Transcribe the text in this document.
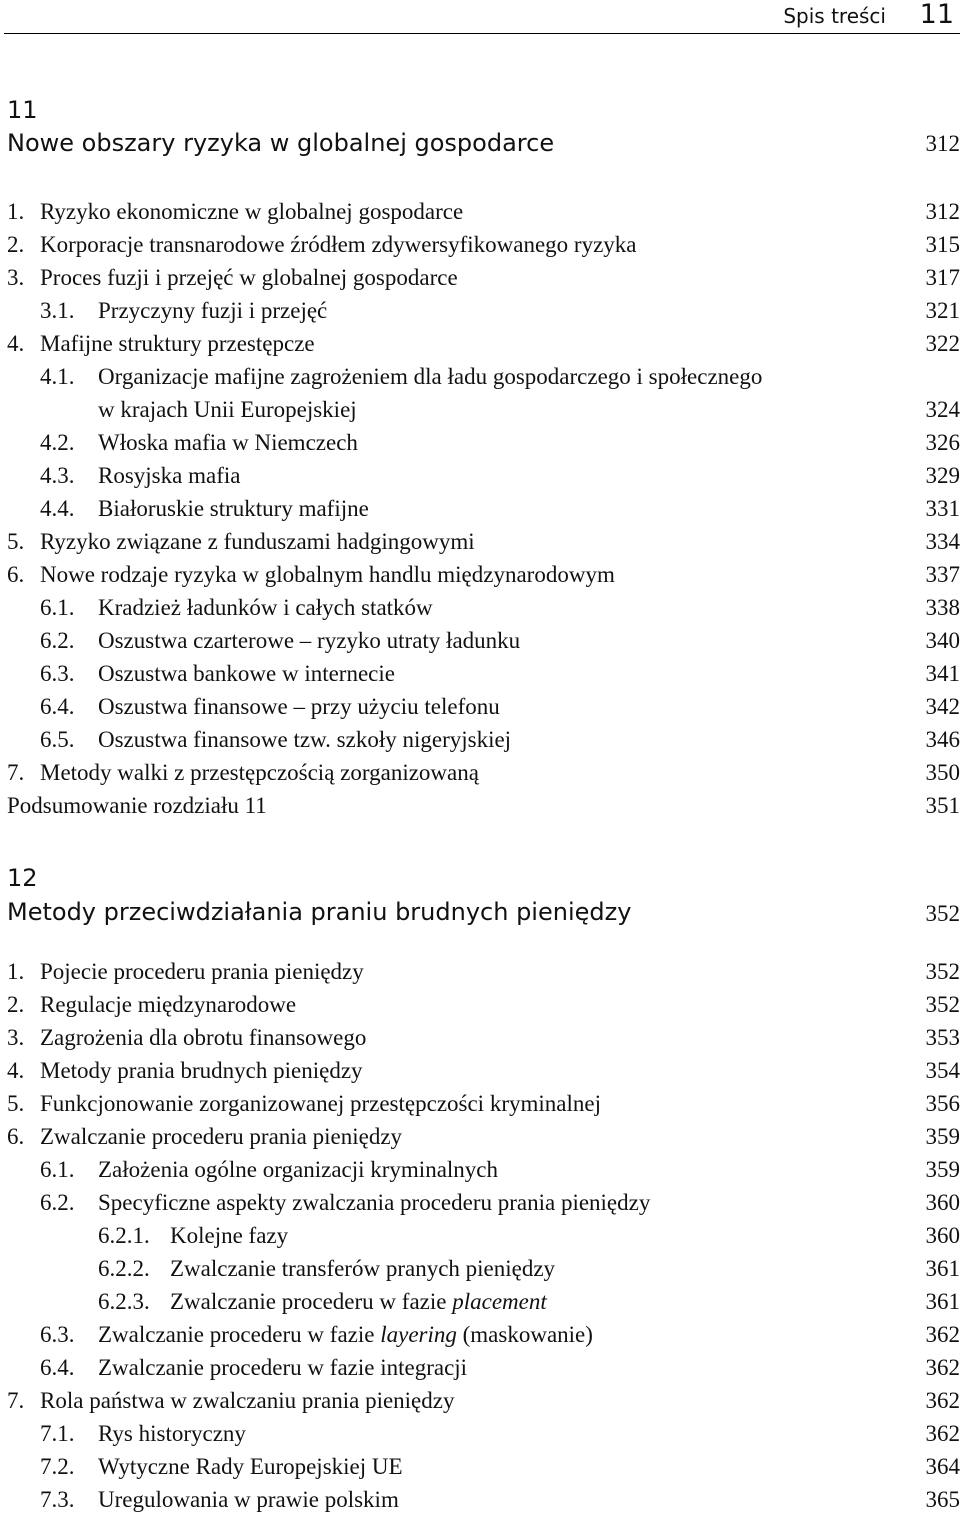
Spis treści 11
11
Nowe obszary ryzyka w globalnej gospodarce	312
1. Ryzyko ekonomiczne w globalnej gospodarce	312
2. Korporacje transnarodowe źródłem zdywersyfikowanego ryzyka	315
3. Proces fuzji i przejęć w globalnej gospodarce	317
3.1. Przyczyny fuzji i przejęć	321
4. Mafijne struktury przestępcze	322
4.1. Organizacje mafijne zagrożeniem dla ładu gospodarczego i społecznego
w krajach Unii Europejskiej	324
4.2. Włoska mafia w Niemczech	326
4.3. Rosyjska mafia	329
4.4. Białoruskie struktury mafijne	331
5. Ryzyko związane z funduszami hadgingowymi	334
6. Nowe rodzaje ryzyka w globalnym handlu międzynarodowym	337
6.1. Kradzież ładunków i całych statków	338
6.2. Oszustwa czarterowe – ryzyko utraty ładunku	340
6.3. Oszustwa bankowe w internecie	341
6.4. Oszustwa finansowe – przy użyciu telefonu	342
6.5. Oszustwa finansowe tzw. szkoły nigeryjskiej	346
7. Metody walki z przestępczością zorganizowaną	350
Podsumowanie rozdziału 11	351
12
Metody przeciwdziałania praniu brudnych pieniędzy	352
1. Pojecie procederu prania pieniędzy	352
2. Regulacje międzynarodowe	352
3. Zagrożenia dla obrotu finansowego	353
4. Metody prania brudnych pieniędzy	354
5. Funkcjonowanie zorganizowanej przestępczości kryminalnej	356
6. Zwalczanie procederu prania pieniędzy	359
6.1. Założenia ogólne organizacji kryminalnych	359
6.2. Specyficzne aspekty zwalczania procederu prania pieniędzy	360
6.2.1. Kolejne fazy	360
6.2.2. Zwalczanie transferów pranych pieniędzy	361
6.2.3. Zwalczanie procederu w fazie placement	361
6.3. Zwalczanie procederu w fazie layering (maskowanie)	362
6.4. Zwalczanie procederu w fazie integracji	362
7. Rola państwa w zwalczaniu prania pieniędzy	362
7.1. Rys historyczny	362
7.2. Wytyczne Rady Europejskiej UE	364
7.3. Uregulowania w prawie polskim	365
